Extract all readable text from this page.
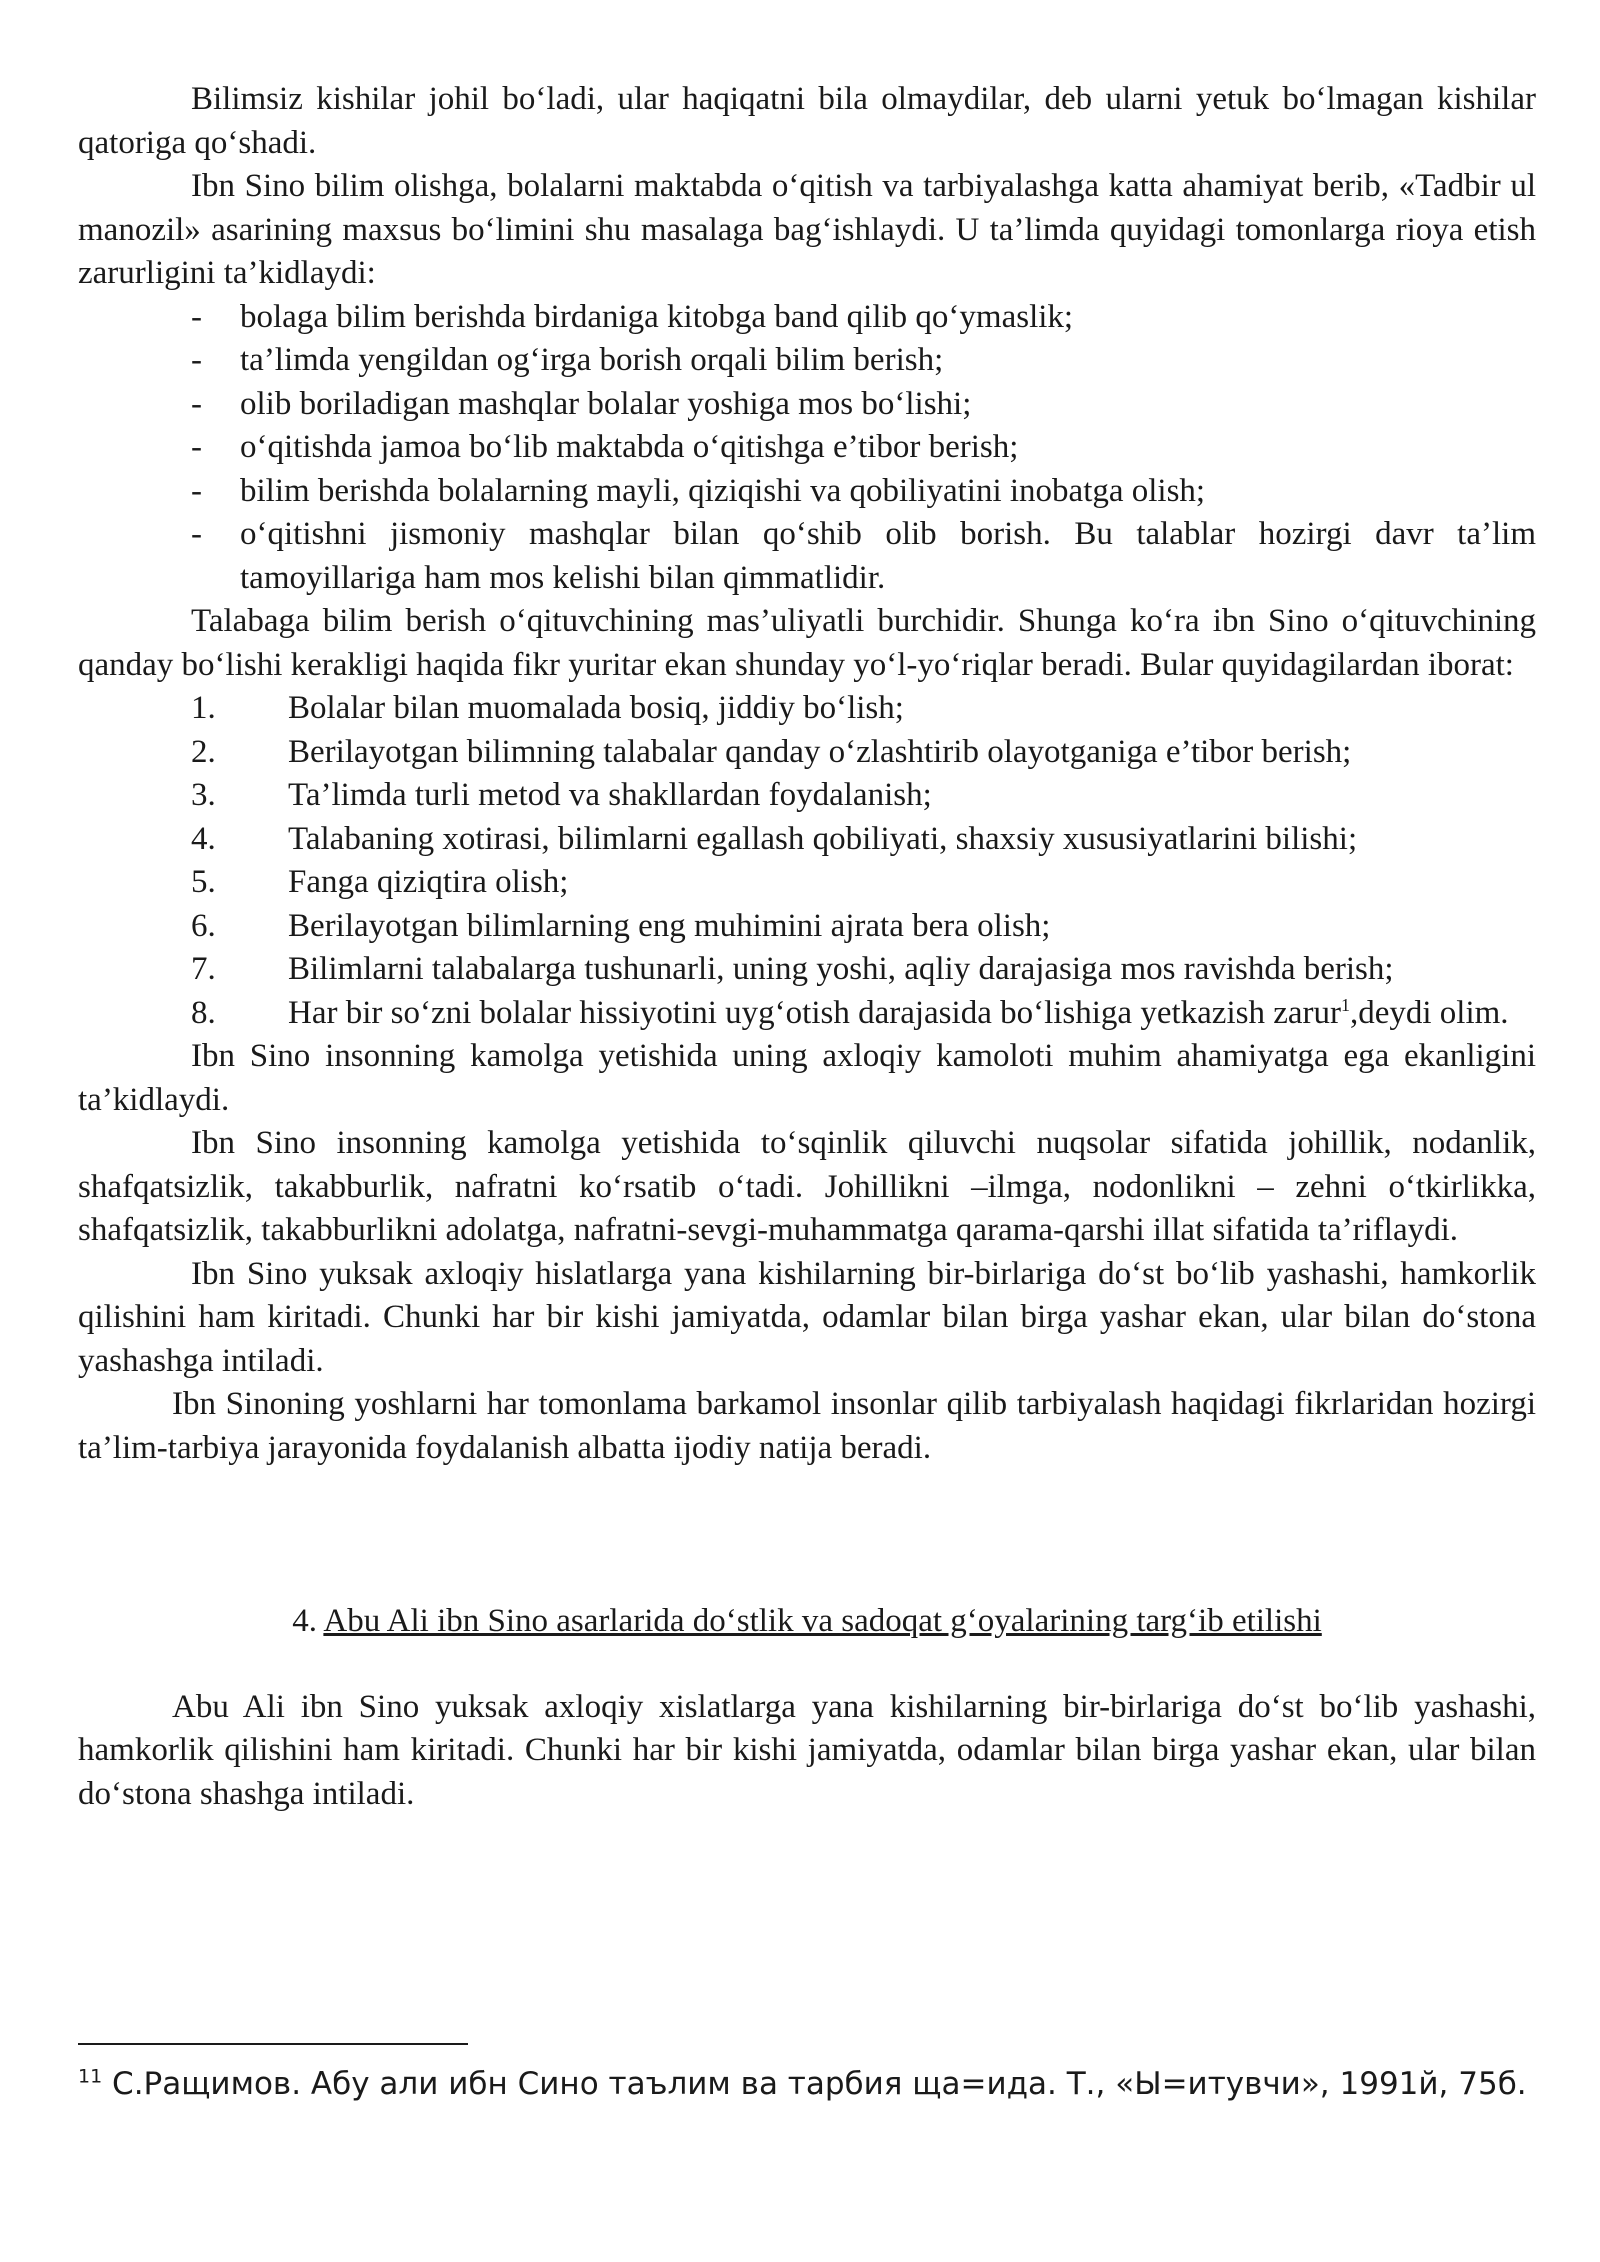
Bilimsiz kishilar johil bo‘ladi, ular haqiqatni bila olmaydilar, deb ularni yetuk bo‘lmagan kishilar qatoriga qo‘shadi.

Ibn Sino bilim olishga, bolalarni maktabda o‘qitish va tarbiyalashga katta ahamiyat berib, «Tadbir ul manozil» asarining maxsus bo‘limini shu masalaga bag‘ishlaydi. U ta’limda quyidagi tomonlarga rioya etish zarurligini ta’kidlaydi:

- bolaga bilim berishda birdaniga kitobga band qilib qo‘ymaslik;
- ta’limda yengildan og‘irga borish orqali bilim berish;
- olib boriladigan mashqlar bolalar yoshiga mos bo‘lishi;
- o‘qitishda jamoa bo‘lib maktabda o‘qitishga e’tibor berish;
- bilim berishda bolalarning mayli, qiziqishi va qobiliyatini inobatga olish;
- o‘qitishni jismoniy mashqlar bilan qo‘shib olib borish. Bu talablar hozirgi davr ta’lim tamoyillariga ham mos kelishi bilan qimmatlidir.

Talabaga bilim berish o‘qituvchining mas’uliyatli burchidir. Shunga ko‘ra ibn Sino o‘qituvchining qanday bo‘lishi kerakligi haqida fikr yuritar ekan shunday yo‘l-yo‘riqlar beradi. Bular quyidagilardan iborat:

1. Bolalar bilan muomalada bosiq, jiddiy bo‘lish;
2. Berilayotgan bilimning talabalar qanday o‘zlashtirib olayotganiga e’tibor berish;
3. Ta’limda turli metod va shakllardan foydalanish;
4. Talabaning xotirasi, bilimlarni egallash qobiliyati, shaxsiy xususiyatlarini bilishi;
5. Fanga qiziqtira olish;
6. Berilayotgan bilimlarning eng muhimini ajrata bera olish;
7. Bilimlarni talabalarga tushunarli, uning yoshi, aqliy darajasiga mos ravishda berish;
8. Har bir so‘zni bolalar hissiyotini uyg‘otish darajasida bo‘lishiga yetkazish zarur$^1$,deydi olim.

Ibn Sino insonning kamolga yetishida uning axloqiy kamoloti muhim ahamiyatga ega ekanligini ta’kidlaydi.

Ibn Sino insonning kamolga yetishida to‘sqinlik qiluvchi nuqsolar sifatida johillik, nodanlik, shafqatsizlik, takabburlik, nafratni ko‘rsatib o‘tadi. Johillikni –ilmga, nodonlikni – zehni o‘tkirlikka, shafqatsizlik, takabburlikni adolatga, nafratni-sevgi-muhammatga qarama-qarshi illat sifatida ta’riflaydi.

Ibn Sino yuksak axloqiy hislatlarga yana kishilarning bir-birlariga do‘st bo‘lib yashashi, hamkorlik qilishini ham kiritadi. Chunki har bir kishi jamiyatda, odamlar bilan birga yashar ekan, ular bilan do‘stona yashashga intiladi.

Ibn Sinoning yoshlarni har tomonlama barkamol insonlar qilib tarbiyalash haqidagi fikrlaridan hozirgi ta’lim-tarbiya jarayonida foydalanish albatta ijodiy natija beradi.

4. Abu Ali ibn Sino asarlarida do‘stlik va sadoqat g‘oyalarining targ‘ib etilishi

Abu Ali ibn Sino yuksak axloqiy xislatlarga yana kishilarning bir-birlariga do‘st bo‘lib yashashi, hamkorlik qilishini ham kiritadi. Chunki har bir kishi jamiyatda, odamlar bilan birga yashar ekan, ular bilan do‘stona shashga intiladi.

$^{11}$ С.Ращимов. Абу али ибн Сино таълим ва тарбия ща=ида. Т., «Ы=итувчи», 1991й, 75б.
